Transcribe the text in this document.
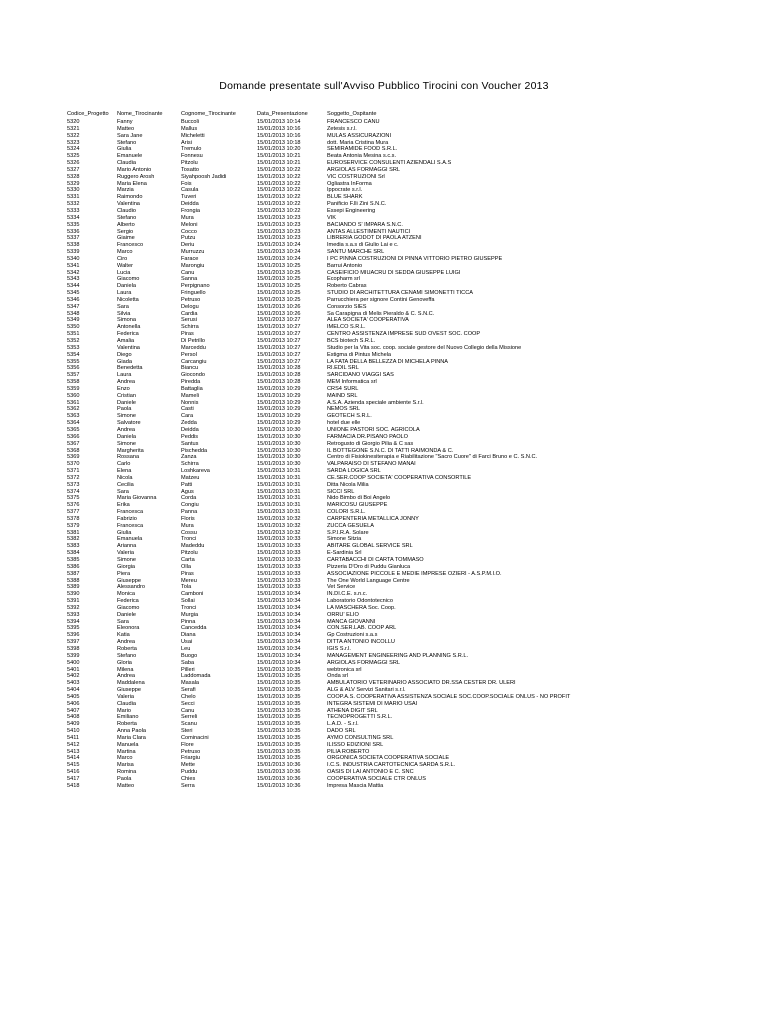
Domande presentate sull'Avviso Pubblico Tirocini con Voucher 2013
Codice_Progetto	Nome_Tirocinante	Cognome_Tirocinante	Data_Presentazione	Soggetto_Ospitante
5320	Fanny	Buccoli	15/01/2013 10:14	FRANCESCO CANU
5321	Matteo	Mallus	15/01/2013 10:16	Zetesis s.r.l.
5322	Sara Jane	Micheletti	15/01/2013 10:16	MULAS ASSICURAZIONI
5323	Stefano	Arisi	15/01/2013 10:18	dott. Maria Cristina Mura
5324	Giulia	Tremulo	15/01/2013 10:20	SEMIRAMIDE FOOD S.R.L.
5325	Emanuele	Fonnesu	15/01/2013 10:21	Beata Antonia Mesina s.c.s.
5326	Claudia	Pitzolu	15/01/2013 10:21	EUROSERVICE CONSULENTI AZIENDALI S.A.S
5327	Mario Antonio	Tosatto	15/01/2013 10:22	ARGIOLAS FORMAGGI SRL
5328	Ruggero Arosh	Siyahpoosh Jadidi	15/01/2013 10:22	VIC COSTRUZIONI Srl
5329	Maria Elena	Fois	15/01/2013 10:22	Ogliastra InForma
5330	Marzia	Casula	15/01/2013 10:22	Ippocrate s.r.l.
5331	Raimondo	Tuveri	15/01/2013 10:22	BLUE SHARK
5332	Valentina	Deidda	15/01/2013 10:22	Panificio F.lli Zini S.N.C.
5333	Claudio	Frongia	15/01/2013 10:22	Essepi Engineering
5334	Stefano	Mura	15/01/2013 10:23	VIK
5335	Alberto	Meloni	15/01/2013 10:23	BACIANDO S' IMPARA S.N.C.
5336	Sergio	Cocco	15/01/2013 10:23	ANTAS ALLESTIMENTI NAUTICI
5337	Giaime	Putzu	15/01/2013 10:23	LIBRERIA GODOT DI PAOLA ATZENI
5338	Francesco	Deriu	15/01/2013 10:24	Imedia s.a.s di Giulio Lai e c.
5339	Marco	Murruzzu	15/01/2013 10:24	SANTU MARCHE SRL
5340	Ciro	Farace	15/01/2013 10:24	I PC PINNA COSTRUZIONI DI PINNA VITTORIO PIETRO GIUSEPPE
5341	Walter	Marongiu	15/01/2013 10:25	Barrui Antonio
5342	Lucia	Canu	15/01/2013 10:25	CASEIFICIO MIUACRU DI SEDDA GIUSEPPE LUIGI
5343	Giacomo	Sanna	15/01/2013 10:25	Ecopharm srl
5344	Daniela	Perpignano	15/01/2013 10:25	Roberto Cabras
5345	Laura	Fringuello	15/01/2013 10:25	STUDIO DI ARCHITETTURA CENAMI SIMONETTI TICCA
5346	Nicoletta	Petruso	15/01/2013 10:25	Parrucchiera per signore Contini Genoveffa
5347	Sara	Delogu	15/01/2013 10:26	Consorzio SIES
5348	Silvia	Cardia	15/01/2013 10:26	Sa Carapigna di Melis Pieraldo & C. S.N.C.
5349	Simona	Serusi	15/01/2013 10:27	ALEA SOCIETA' COOPERATIVA
5350	Antonella	Schirra	15/01/2013 10:27	IMELCO S.R.L.
5351	Federica	Piras	15/01/2013 10:27	CENTRO ASSISTENZA IMPRESE SUD OVEST SOC. COOP
5352	Amalia	Di Petrillo	15/01/2013 10:27	BCS biotech S.R.L.
5353	Valentina	Marceddu	15/01/2013 10:27	Studio per la Vita soc. coop. sociale gestore del Nuovo Collegio della Missione
5354	Diego	Persol	15/01/2013 10:27	Estigma di Pintus Michela
5355	Giada	Carcangiu	15/01/2013 10:27	LA FATA DELLA BELLEZZA DI MICHELA PINNA
5356	Benedetta	Biancu	15/01/2013 10:28	RI.EDIL SRL
5357	Laura	Giocondo	15/01/2013 10:28	SARCIDANO VIAGGI SAS
5358	Andrea	Piredda	15/01/2013 10:28	MEM Informatica srl
5359	Enzo	Battaglia	15/01/2013 10:29	CRS4 SURL
5360	Cristian	Mameli	15/01/2013 10:29	MAIND SRL
5361	Daniele	Nonnis	15/01/2013 10:29	A.S.A. Azienda speciale ambiente S.r.l.
5362	Paola	Casti	15/01/2013 10:29	NEMOS SRL
5363	Simone	Cara	15/01/2013 10:29	GEOTECH S.R.L.
5364	Salvatore	Zedda	15/01/2013 10:29	hotel due elle
5365	Andrea	Deidda	15/01/2013 10:30	UNIONE PASTORI SOC. AGRICOLA
5366	Daniela	Peddis	15/01/2013 10:30	FARMACIA DR.PISANO PAOLO
5367	Simone	Santus	15/01/2013 10:30	Retrogusto di Giorgio Pilia & C sas
5368	Margherita	Pischedda	15/01/2013 10:30	IL BOTTEGONE S.N.C. DI TATTI RAIMONDA & C.
5369	Rossana	Zanza	15/01/2013 10:30	Centro di Fisiokinesiterapia e Riabilitazione "Sacro Cuore" di Farci Bruno e C. S.N.C.
5370	Carlo	Schirra	15/01/2013 10:30	VALPARAISO DI STEFANO MANAI
5371	Elena	Loshkareva	15/01/2013 10:31	SARDA LOGICA SRL
5372	Nicola	Matzeu	15/01/2013 10:31	CE.SER.COOP SOCIETA' COOPERATIVA CONSORTILE
5373	Cecilia	Patti	15/01/2013 10:31	Ditta Nicola Milia
5374	Sara	Agus	15/01/2013 10:31	SICCI SRL
5375	Maria Giovanna	Corda	15/01/2013 10:31	Nido Bimbo di Boi Angelo
5376	Erika	Congiu	15/01/2013 10:31	MARICOSU GIUSEPPE
5377	Francesca	Panna	15/01/2013 10:31	COLORI S.R.L.
5378	Fabrizio	Floris	15/01/2013 10:32	CARPENTERIA METALLICA JONNY
5379	Francesca	Mura	15/01/2013 10:32	ZUCCA GESUELA
5381	Giulia	Cossu	15/01/2013 10:32	S.P.I.R.A. Solare
5382	Emanuela	Tronci	15/01/2013 10:33	Simone Sitzia
5383	Arianna	Madeddu	15/01/2013 10:33	ABITARE GLOBAL SERVICE SRL
5384	Valeria	Pitzolu	15/01/2013 10:33	E-Sardinia Srl
5385	Simone	Carta	15/01/2013 10:33	CARTABACCHI DI CARTA TOMMASO
5386	Giorgia	Olla	15/01/2013 10:33	Pizzeria D'Oro di Puddu Gianluca
5387	Piera	Piras	15/01/2013 10:33	ASSOCIAZIONE PICCOLE E MEDIE IMPRESE OZIERI - A.S.P.M.I.O.
5388	Giuseppe	Mereu	15/01/2013 10:33	The One World Language Centre
5389	Alessandro	Tola	15/01/2013 10:33	Vet Service
5390	Monica	Camboni	15/01/2013 10:34	IN.DI.C.E. s.n.c.
5391	Federica	Sollai	15/01/2013 10:34	Laboratorio Odontotecnico
5392	Giacomo	Tronci	15/01/2013 10:34	LA MASCHERA Soc. Coop.
5393	Daniele	Murgia	15/01/2013 10:34	ORRU' ELIO
5394	Sara	Pinna	15/01/2013 10:34	MANCA GIOVANNI
5395	Eleonora	Cancedda	15/01/2013 10:34	CON.SER.LAB. COOP ARL
5396	Katia	Diana	15/01/2013 10:34	Gp Costruzioni s.a.s
5397	Andrea	Usai	15/01/2013 10:34	DITTA ANTONIO INCOLLU
5398	Roberta	Leu	15/01/2013 10:34	IGIS S.r.l.
5399	Stefano	Buogo	15/01/2013 10:34	MANAGEMENT ENGINEERING AND PLANNING S.R.L.
5400	Gloria	Saba	15/01/2013 10:34	ARGIOLAS FORMAGGI SRL
5401	Milena	Pilleri	15/01/2013 10:35	webtronica srl
5402	Andrea	Laddomada	15/01/2013 10:35	Onda srl
5403	Maddalena	Masala	15/01/2013 10:35	AMBULATORIO VETERINARIO ASSOCIATO DR.SSA CESTER DR. ULERI
5404	Giuseppe	Serafi	15/01/2013 10:35	ALG & ALV Servizi Sanitari s.r.l.
5405	Valeria	Chelo	15/01/2013 10:35	COOP.A.S. COOPERATIVA ASSISTENZA SOCIALE SOC.COOP.SOCIALE ONLUS - NO PROFIT
5406	Claudia	Secci	15/01/2013 10:35	INTEGRA SISTEMI DI MARIO USAI
5407	Mario	Canu	15/01/2013 10:35	ATHENA DIGIT SRL
5408	Emiliano	Serreli	15/01/2013 10:35	TECNOPROGETTI S.R.L.
5409	Roberta	Scanu	15/01/2013 10:35	L.A.D. - S.r.l.
5410	Anna Paola	Steri	15/01/2013 10:35	DADO SRL
5411	Maria Clara	Cominacini	15/01/2013 10:35	AYMO CONSULTING SRL
5412	Manuela	Flore	15/01/2013 10:35	ILISSO EDIZIONI SRL
5413	Martina	Petruso	15/01/2013 10:35	PILIA ROBERTO
5414	Marco	Friargiu	15/01/2013 10:35	ORGONICA SOCIETA COOPERATIVA SOCIALE
5415	Marisa	Mette	15/01/2013 10:36	I.C.S. INDUSTRIA CARTOTECNICA SARDA S.R.L.
5416	Romina	Puddu	15/01/2013 10:36	OASIS DI LAI ANTONIO E C. SNC
5417	Paola	Chies	15/01/2013 10:36	COOPERATIVA SOCIALE CTR ONLUS
5418	Matteo	Serra	15/01/2013 10:36	Impresa Mascia Mattia
